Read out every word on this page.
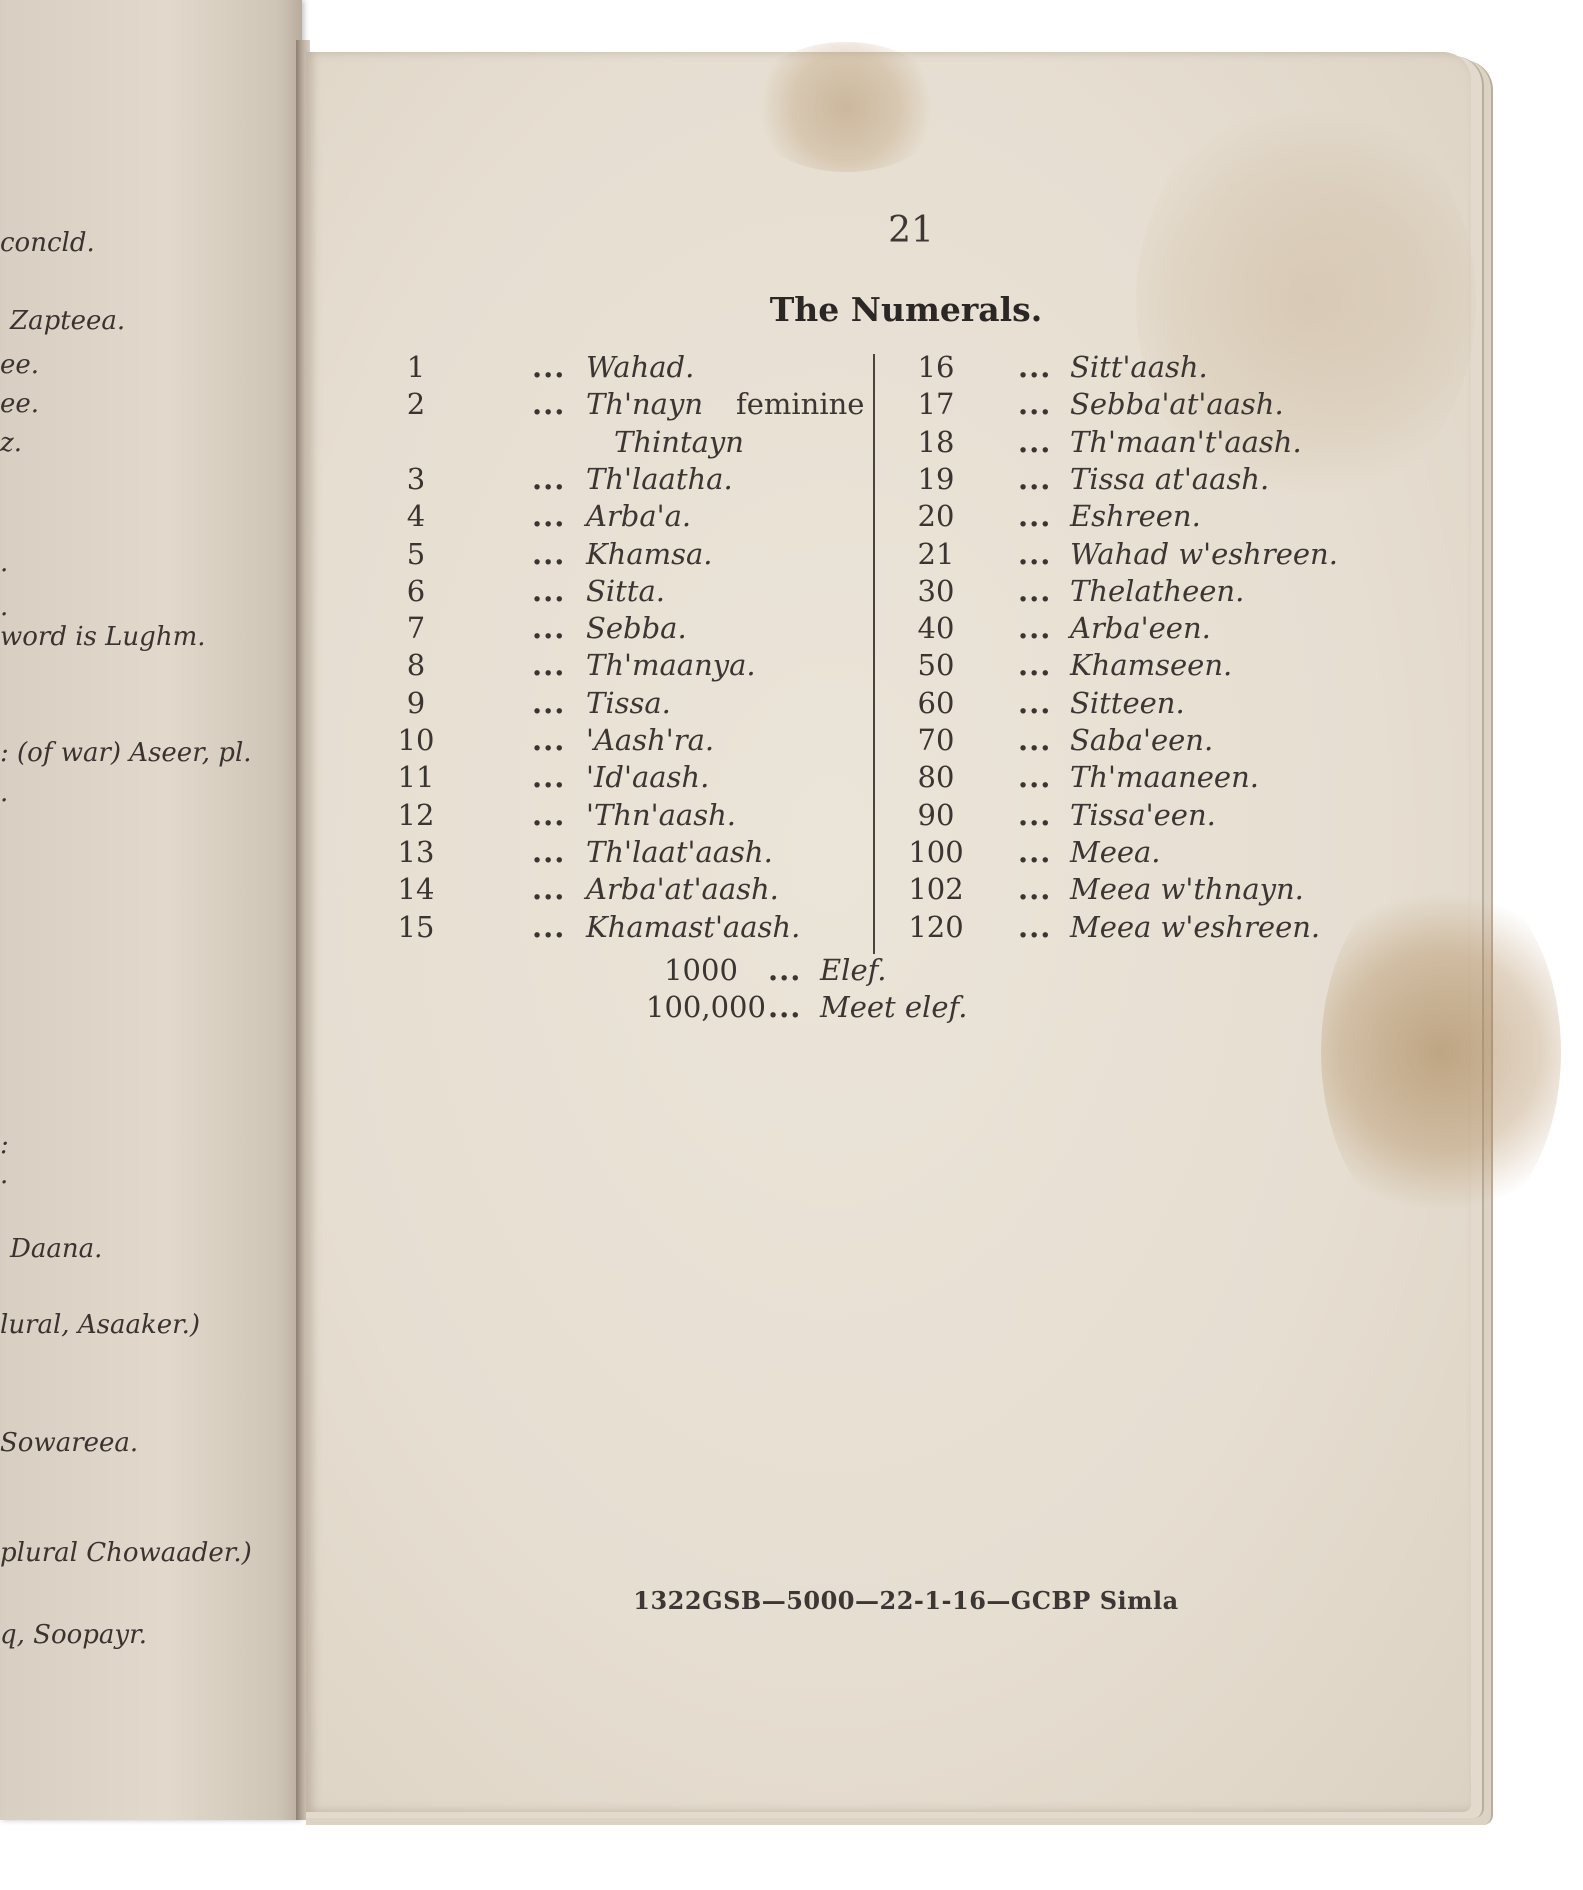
concld.
Zapteea.
ee.
ee.
z.
.
.
word is Lughm.
: (of war) Aseer, pl.
.
:
.
Daana.
lural, Asaaker.)
Sowareea.
plural Chowaader.)
q, Soopayr.
21
The Numerals.
1	... Wahad.
2	... Th'nayn feminine
Thintayn
3	... Th'laatha.
4	... Arba'a.
5	... Khamsa.
6	... Sitta.
7	... Sebba.
8	... Th'maanya.
9	... Tissa.
10	... 'Aash'ra.
11	... 'Id'aash.
12	... 'Thn'aash.
13	... Th'laat'aash.
14	... Arba'at'aash.
15	... Khamast'aash.
16	... Sitt'aash.
17	... Sebba'at'aash.
18	... Th'maan't'aash.
19	... Tissa at'aash.
20	... Eshreen.
21	... Wahad w'eshreen.
30	... Thelatheen.
40	... Arba'een.
50	... Khamseen.
60	... Sitteen.
70	... Saba'een.
80	... Th'maaneen.
90	... Tissa'een.
100	... Meea.
102	... Meea w'thnayn.
120	... Meea w'eshreen.
1000	... Elef.
100,000 ... Meet elef.
1322GSB—5000—22-1-16—GCBP Simla
